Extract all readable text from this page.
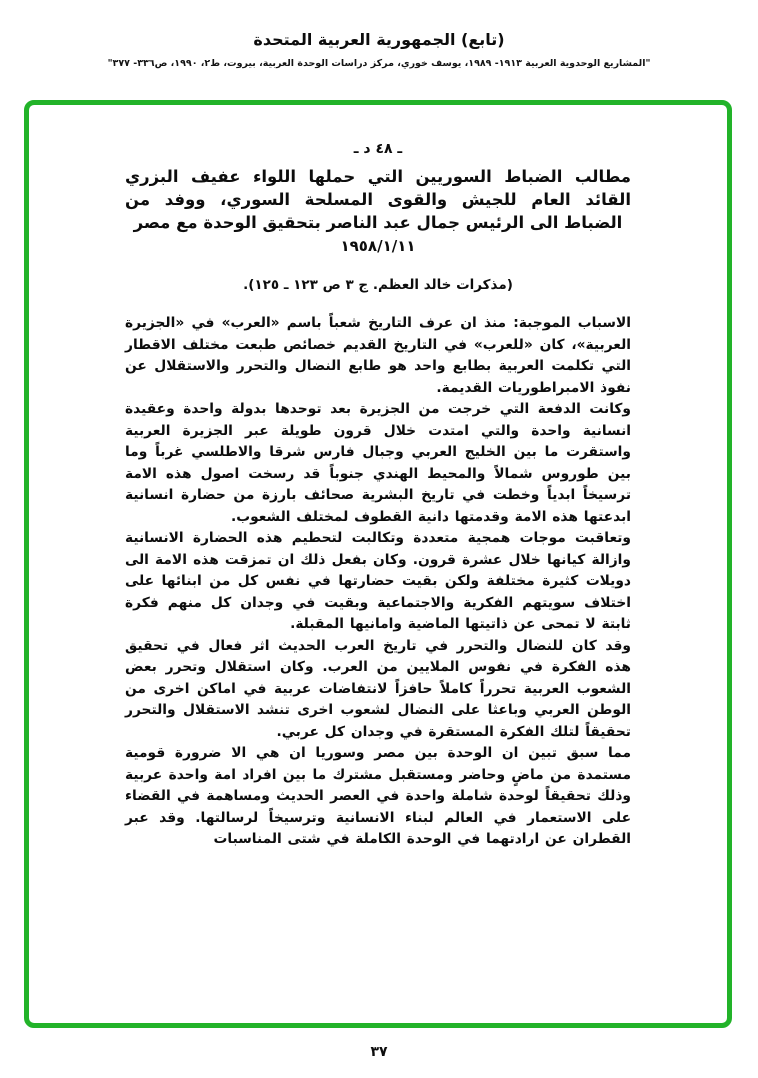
(تابع) الجمهورية العربية المتحدة
"المشاريع الوحدوية العربية ١٩١٣- ١٩٨٩، يوسف خوري، مركز دراسات الوحدة العربية، بيروت، ط٢، ١٩٩٠، ص٣٣٦- ٣٧٧"
ـ ٤٨ د ـ
مطالب الضباط السوريين التي حملها اللواء عفيف البزري القائد العام للجيش والقوى المسلحة السوري، ووفد من الضباط الى الرئيس جمال عبد الناصر بتحقيق الوحدة مع مصر
١٩٥٨/١/١١
(مذكرات خالد العظم. ج ٣ ص ١٢٣ ـ ١٢٥).

الاسباب الموجبة: منذ ان عرف التاريخ شعباً باسم «العرب» في «الجزيرة العربية»، كان «للعرب» في التاريخ القديم خصائص طبعت مختلف الاقطار التي تكلمت العربية بطابع واحد هو طابع النضال والتحرر والاستقلال عن نفوذ الامبراطوريات القديمة.

وكانت الدفعة التي خرجت من الجزيرة بعد توحدها بدولة واحدة وعقيدة انسانية واحدة والتي امتدت خلال قرون طويلة عبر الجزيرة العربية واستقرت ما بين الخليج العربي وجبال فارس شرقا والاطلسي غرباً وما بين طوروس شمالاً والمحيط الهندي جنوباً قد رسخت اصول هذه الامة ترسيخاً ابدياً وخطت في تاريخ البشرية صحائف بارزة من حضارة انسانية ابدعتها هذه الامة وقدمتها دانية القطوف لمختلف الشعوب.

وتعاقبت موجات همجية متعددة وتكالبت لتحطيم هذه الحضارة الانسانية وازالة كيانها خلال عشرة قرون. وكان بفعل ذلك ان تمزقت هذه الامة الى دويلات كثيرة مختلفة ولكن بقيت حضارتها في نفس كل من ابنائها على اختلاف سويتهم الفكرية والاجتماعية وبقيت في وجدان كل منهم فكرة ثابتة لا تمحى عن ذاتيتها الماضية وامانيها المقبلة.

وقد كان للنضال والتحرر في تاريخ العرب الحديث اثر فعال في تحقيق هذه الفكرة في نفوس الملايين من العرب. وكان استقلال وتحرر بعض الشعوب العربية تحرراً كاملاً حافزاً لانتفاضات عربية في اماكن اخرى من الوطن العربي وباعثا على النضال لشعوب اخرى تنشد الاستقلال والتحرر تحقيقاً لتلك الفكرة المستقرة في وجدان كل عربي.

مما سبق تبين ان الوحدة بين مصر وسوريا ان هي الا ضرورة قومية مستمدة من ماضٍ وحاضر ومستقبل مشترك ما بين افراد امة واحدة عربية وذلك تحقيقاً لوحدة شاملة واحدة في العصر الحديث ومساهمة في القضاء على الاستعمار في العالم لبناء الانسانية وترسيخاً لرسالتها. وقد عبر القطران عن ارادتهما في الوحدة الكاملة في شتى المناسبات

٣٧
